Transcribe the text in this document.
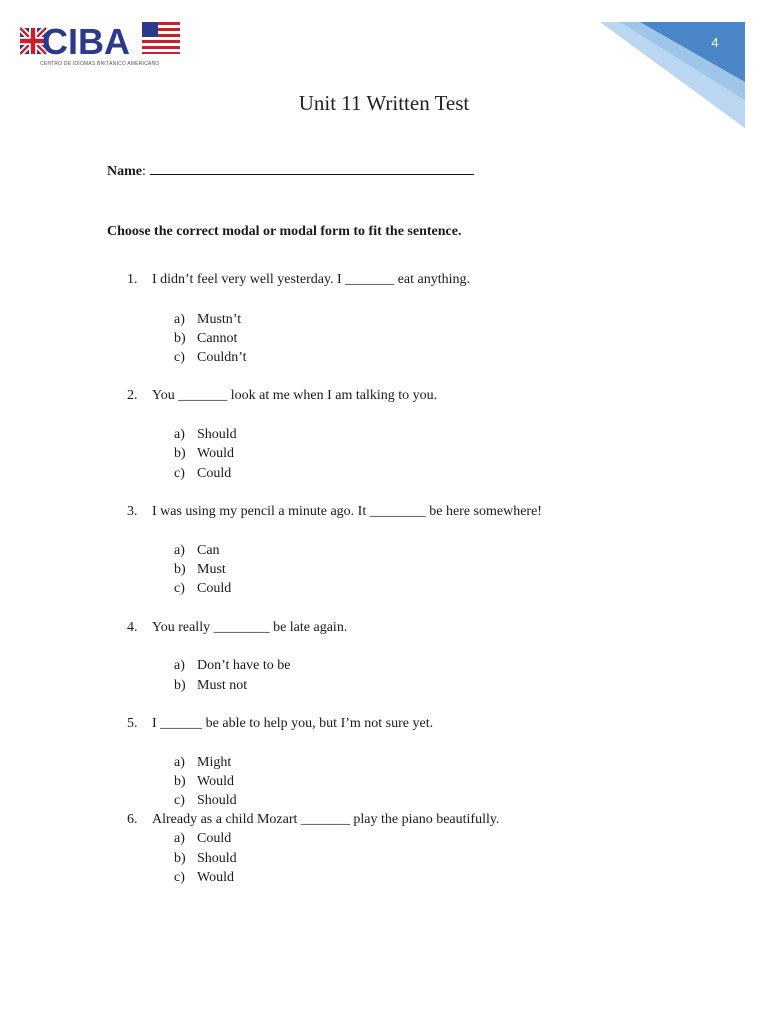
CIBA
CENTRO DE IDIOMAS BRITÁNICO AMERICANO
4
Unit 11 Written Test
Name:
Choose the correct modal or modal form to fit the sentence.
1. I didn’t feel very well yesterday. I _______ eat anything.
a) Mustn’t
b) Cannot
c) Couldn’t
2. You _______ look at me when I am talking to you.
a) Should
b) Would
c) Could
3. I was using my pencil a minute ago. It ________ be here somewhere!
a) Can
b) Must
c) Could
4. You really ________ be late again.
a) Don’t have to be
b) Must not
5. I ______ be able to help you, but I’m not sure yet.
a) Might
b) Would
c) Should
6. Already as a child Mozart _______ play the piano beautifully.
a) Could
b) Should
c) Would
